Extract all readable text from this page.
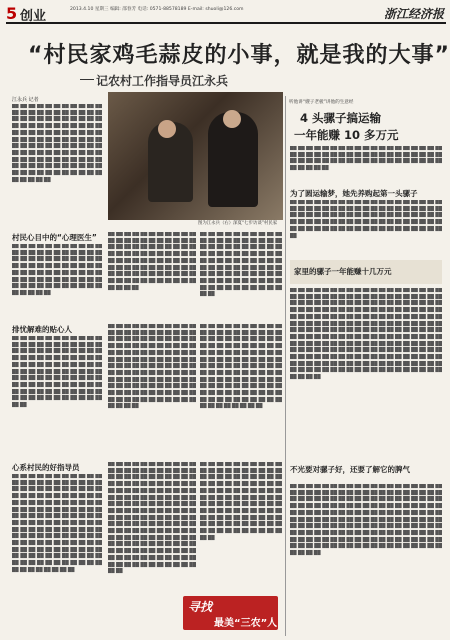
5 创业	2013.4.10 星期三 编辑: 邵春芳 电话: 0571-88578189 E-mail: shuoli@126.com	浙江经济报
“村民家鸡毛蒜皮的小事，就是我的大事”
记农村工作指导员江永兵
江永兵 记者
██ ██ ██ ██ ██ ██ ██ ██ ██ ██ ██ ██ ██ ██ ██ ██ ██ ██ ██ ██ ██ ██ ██ ██ ██ ██ ██ ██ ██ ██ ██ ██ ██ ██ ██ ██ ██ ██ ██ ██ ██ ██ ██ ██ ██ ██ ██ ██ ██ ██ ██ ██ ██ ██ ██ ██ ██ ██ ██ ██ ██ ██ ██ ██ ██ ██ ██ ██ ██ ██ ██ ██ ██ ██ ██ ██ ██ ██ ██ ██ ██ ██ ██ ██ ██ ██ ██ ██ ██ ██ ██ ██ ██ ██ ██ ██ ██ ██ ██ ██ ██ ██ ██ ██ ██ ██ ██ ██ ██ ██ ██ ██ ██ ██ ██ ██ ██ ██ ██ ██ ██ ██ ██ ██ ██ ██
图为江永兵（右）深夏“七步访谈”村民家
村民心目中的“心理医生”
██ ██ ██ ██ ██ ██ ██ ██ ██ ██ ██ ██ ██ ██ ██ ██ ██ ██ ██ ██ ██ ██ ██ ██ ██ ██ ██ ██ ██ ██ ██ ██ ██ ██ ██ ██ ██ ██ ██ ██ ██ ██ ██ ██ ██ ██ ██ ██ ██ ██ ██ ██ ██ ██ ██ ██ ██ ██ ██ ██ ██ ██ ██ ██ ██ ██ ██ ██ ██ ██ ██ ██ ██ ██ ██ ██ ██ ██ ██ ██ ██ ██
██ ██ ██ ██ ██ ██ ██ ██ ██ ██ ██ ██ ██ ██ ██ ██ ██ ██ ██ ██ ██ ██ ██ ██ ██ ██ ██ ██ ██ ██ ██ ██ ██ ██ ██ ██ ██ ██ ██ ██ ██ ██ ██ ██ ██ ██ ██ ██ ██ ██ ██ ██ ██ ██ ██ ██ ██ ██ ██ ██ ██ ██ ██ ██ ██ ██ ██ ██ ██ ██ ██ ██ ██ ██ ██ ██ ██ ██ ██ ██ ██ ██ ██ ██ ██ ██ ██ ██ ██ ██ ██ ██
██ ██ ██ ██ ██ ██ ██ ██ ██ ██ ██ ██ ██ ██ ██ ██ ██ ██ ██ ██ ██ ██ ██ ██ ██ ██ ██ ██ ██ ██ ██ ██ ██ ██ ██ ██ ██ ██ ██ ██ ██ ██ ██ ██ ██ ██ ██ ██ ██ ██ ██ ██ ██ ██ ██ ██ ██ ██ ██ ██ ██ ██ ██ ██ ██ ██ ██ ██ ██ ██ ██ ██ ██ ██ ██ ██ ██ ██ ██ ██ ██ ██ ██ ██ ██ ██ ██ ██ ██ ██ ██ ██
排忧解难的贴心人
██ ██ ██ ██ ██ ██ ██ ██ ██ ██ ██ ██ ██ ██ ██ ██ ██ ██ ██ ██ ██ ██ ██ ██ ██ ██ ██ ██ ██ ██ ██ ██ ██ ██ ██ ██ ██ ██ ██ ██ ██ ██ ██ ██ ██ ██ ██ ██ ██ ██ ██ ██ ██ ██ ██ ██ ██ ██ ██ ██ ██ ██ ██ ██ ██ ██ ██ ██ ██ ██ ██ ██ ██ ██ ██ ██ ██ ██ ██ ██ ██ ██ ██ ██ ██ ██ ██ ██ ██ ██ ██ ██ ██ ██ ██ ██ ██ ██ ██ ██ ██ ██ ██ ██ ██ ██ ██ ██ ██ ██ ██ ██
██ ██ ██ ██ ██ ██ ██ ██ ██ ██ ██ ██ ██ ██ ██ ██ ██ ██ ██ ██ ██ ██ ██ ██ ██ ██ ██ ██ ██ ██ ██ ██ ██ ██ ██ ██ ██ ██ ██ ██ ██ ██ ██ ██ ██ ██ ██ ██ ██ ██ ██ ██ ██ ██ ██ ██ ██ ██ ██ ██ ██ ██ ██ ██ ██ ██ ██ ██ ██ ██ ██ ██ ██ ██ ██ ██ ██ ██ ██ ██ ██ ██ ██ ██ ██ ██ ██ ██ ██ ██ ██ ██ ██ ██ ██ ██ ██ ██ ██ ██ ██ ██ ██ ██ ██ ██ ██ ██ ██ ██ ██ ██ ██ ██ ██ ██ ██ ██ ██ ██ ██ ██ ██ ██ ██ ██ ██ ██ ██ ██ ██ ██ ██ ██ ██ ██
██ ██ ██ ██ ██ ██ ██ ██ ██ ██ ██ ██ ██ ██ ██ ██ ██ ██ ██ ██ ██ ██ ██ ██ ██ ██ ██ ██ ██ ██ ██ ██ ██ ██ ██ ██ ██ ██ ██ ██ ██ ██ ██ ██ ██ ██ ██ ██ ██ ██ ██ ██ ██ ██ ██ ██ ██ ██ ██ ██ ██ ██ ██ ██ ██ ██ ██ ██ ██ ██ ██ ██ ██ ██ ██ ██ ██ ██ ██ ██ ██ ██ ██ ██ ██ ██ ██ ██ ██ ██ ██ ██ ██ ██ ██ ██ ██ ██ ██ ██ ██ ██ ██ ██ ██ ██ ██ ██ ██ ██ ██ ██ ██ ██ ██ ██ ██ ██ ██ ██ ██ ██ ██ ██ ██ ██ ██ ██
心系村民的好指导员
██ ██ ██ ██ ██ ██ ██ ██ ██ ██ ██ ██ ██ ██ ██ ██ ██ ██ ██ ██ ██ ██ ██ ██ ██ ██ ██ ██ ██ ██ ██ ██ ██ ██ ██ ██ ██ ██ ██ ██ ██ ██ ██ ██ ██ ██ ██ ██ ██ ██ ██ ██ ██ ██ ██ ██ ██ ██ ██ ██ ██ ██ ██ ██ ██ ██ ██ ██ ██ ██ ██ ██ ██ ██ ██ ██ ██ ██ ██ ██ ██ ██ ██ ██ ██ ██ ██ ██ ██ ██ ██ ██ ██ ██ ██ ██ ██ ██ ██ ██ ██ ██ ██ ██ ██ ██ ██ ██ ██ ██ ██ ██ ██ ██ ██ ██ ██ ██ ██ ██ ██ ██ ██ ██ ██ ██ ██ ██ ██ ██ ██ ██ ██ ██ ██ ██ ██ ██ ██ ██ ██ ██ ██ ██ ██ ██ ██ ██ ██ ██ ██ ██ ██ ██ ██ ██ ██ ██ ██ ██ ██ ██
██ ██ ██ ██ ██ ██ ██ ██ ██ ██ ██ ██ ██ ██ ██ ██ ██ ██ ██ ██ ██ ██ ██ ██ ██ ██ ██ ██ ██ ██ ██ ██ ██ ██ ██ ██ ██ ██ ██ ██ ██ ██ ██ ██ ██ ██ ██ ██ ██ ██ ██ ██ ██ ██ ██ ██ ██ ██ ██ ██ ██ ██ ██ ██ ██ ██ ██ ██ ██ ██ ██ ██ ██ ██ ██ ██ ██ ██ ██ ██ ██ ██ ██ ██ ██ ██ ██ ██ ██ ██ ██ ██ ██ ██ ██ ██ ██ ██ ██ ██ ██ ██ ██ ██ ██ ██ ██ ██ ██ ██ ██ ██ ██ ██ ██ ██ ██ ██ ██ ██ ██ ██ ██ ██ ██ ██ ██ ██ ██ ██ ██ ██ ██ ██ ██ ██ ██ ██ ██ ██ ██ ██ ██ ██ ██ ██ ██ ██ ██ ██ ██ ██ ██ ██ ██ ██ ██ ██ ██ ██ ██ ██ ██ ██ ██ ██ ██ ██ ██ ██ ██ ██ ██ ██ ██ ██ ██ ██
██ ██ ██ ██ ██ ██ ██ ██ ██ ██ ██ ██ ██ ██ ██ ██ ██ ██ ██ ██ ██ ██ ██ ██ ██ ██ ██ ██ ██ ██ ██ ██ ██ ██ ██ ██ ██ ██ ██ ██ ██ ██ ██ ██ ██ ██ ██ ██ ██ ██ ██ ██ ██ ██ ██ ██ ██ ██ ██ ██ ██ ██ ██ ██ ██ ██ ██ ██ ██ ██ ██ ██ ██ ██ ██ ██ ██ ██ ██ ██ ██ ██ ██ ██ ██ ██ ██ ██ ██ ██ ██ ██ ██ ██ ██ ██ ██ ██ ██ ██ ██ ██ ██ ██ ██ ██ ██ ██ ██ ██ ██ ██
听他讲“嫂子老板”讲他的生意经
4 头骡子搞运输
一年能赚 10 多万元
██ ██ ██ ██ ██ ██ ██ ██ ██ ██ ██ ██ ██ ██ ██ ██ ██ ██ ██ ██ ██ ██ ██ ██ ██ ██ ██ ██ ██ ██ ██ ██ ██ ██ ██ ██ ██ ██ ██ ██ ██ ██ ██ ██ ██ ██ ██ ██ ██ ██ ██ ██ ██ ██ ██ ██ ██ ██ ██ ██ ██ ██
为了圆运输梦，她先养购起第一头骡子
██ ██ ██ ██ ██ ██ ██ ██ ██ ██ ██ ██ ██ ██ ██ ██ ██ ██ ██ ██ ██ ██ ██ ██ ██ ██ ██ ██ ██ ██ ██ ██ ██ ██ ██ ██ ██ ██ ██ ██ ██ ██ ██ ██ ██ ██ ██ ██ ██ ██ ██ ██ ██ ██ ██ ██ ██ ██ ██ ██ ██ ██ ██ ██ ██ ██ ██ ██ ██ ██ ██ ██ ██ ██ ██ ██ ██ ██ ██ ██ ██ ██ ██ ██ ██ ██ ██ ██ ██ ██ ██ ██ ██ ██ ██ ██
家里的骡子一年能赚十几万元
██ ██ ██ ██ ██ ██ ██ ██ ██ ██ ██ ██ ██ ██ ██ ██ ██ ██ ██ ██ ██ ██ ██ ██ ██ ██ ██ ██ ██ ██ ██ ██ ██ ██ ██ ██ ██ ██ ██ ██ ██ ██ ██ ██ ██ ██ ██ ██ ██ ██ ██ ██ ██ ██ ██ ██ ██ ██ ██ ██ ██ ██ ██ ██ ██ ██ ██ ██ ██ ██ ██ ██ ██ ██ ██ ██ ██ ██ ██ ██ ██ ██ ██ ██ ██ ██ ██ ██ ██ ██ ██ ██ ██ ██ ██ ██ ██ ██ ██ ██ ██ ██ ██ ██ ██ ██ ██ ██ ██ ██ ██ ██ ██ ██ ██ ██ ██ ██ ██ ██ ██ ██ ██ ██ ██ ██ ██ ██ ██ ██ ██ ██ ██ ██ ██ ██ ██ ██ ██ ██ ██ ██ ██ ██ ██ ██ ██ ██ ██ ██ ██ ██ ██ ██ ██ ██ ██ ██ ██ ██ ██ ██ ██ ██ ██ ██ ██ ██ ██ ██ ██ ██ ██ ██ ██ ██ ██ ██ ██ ██ ██ ██ ██ ██ ██ ██ ██ ██ ██ ██ ██ ██ ██ ██ ██ ██ ██ ██ ██ ██ ██ ██ ██ ██ ██ ██ ██ ██ ██ ██ ██ ██ ██ ██ ██ ██ ██ ██ ██ ██ ██ ██ ██ ██ ██ ██ ██ ██ ██ ██ ██ ██ ██ ██ ██ ██ ██ ██ ██ ██ ██ ██ ██ ██ ██ ██ ██ ██ ██ ██ ██
不光要对骡子好，还要了解它的脾气
██ ██ ██ ██ ██ ██ ██ ██ ██ ██ ██ ██ ██ ██ ██ ██ ██ ██ ██ ██ ██ ██ ██ ██ ██ ██ ██ ██ ██ ██ ██ ██ ██ ██ ██ ██ ██ ██ ██ ██ ██ ██ ██ ██ ██ ██ ██ ██ ██ ██ ██ ██ ██ ██ ██ ██ ██ ██ ██ ██ ██ ██ ██ ██ ██ ██ ██ ██ ██ ██ ██ ██ ██ ██ ██ ██ ██ ██ ██ ██ ██ ██ ██ ██ ██ ██ ██ ██ ██ ██ ██ ██ ██ ██ ██ ██ ██ ██ ██ ██ ██ ██ ██ ██ ██ ██ ██ ██ ██ ██ ██ ██ ██ ██ ██ ██ ██ ██ ██ ██ ██ ██ ██ ██ ██ ██ ██ ██ ██ ██ ██ ██ ██ ██ ██ ██ ██ ██ ██ ██ ██ ██ ██ ██ ██ ██ ██ ██ ██ ██ ██ ██ ██ ██ ██ ██ ██ ██ ██ ██ ██ ██ ██ ██ ██ ██ ██ ██ ██ ██ ██ ██ ██ ██ ██ ██ ██ ██ ██ ██ ██ ██ ██ ██ ██ ██ ██ ██ ██ ██ ██ ██ ██ ██
寻找
最美“三农”人
